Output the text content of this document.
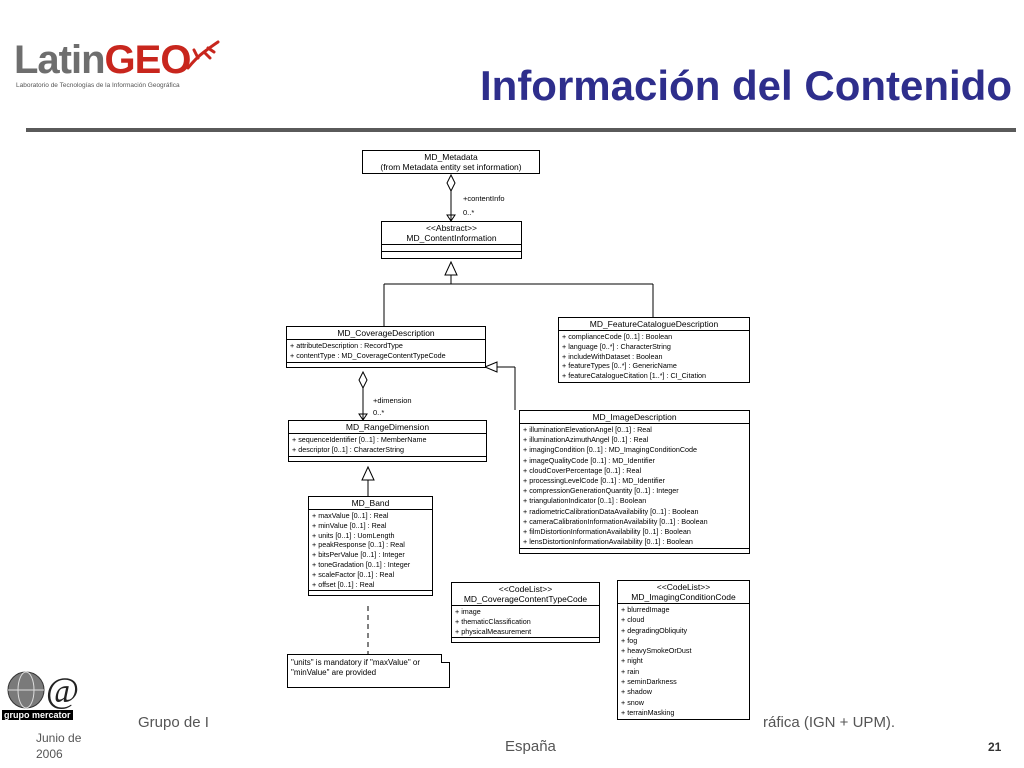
LatinGEO
Laboratorio de Tecnologías de la Información Geográfica	Información del Contenido
+contentInfo
0..*
+dimension
0..*
MD_Metadata
(from Metadata entity set information)
<<Abstract>>
MD_ContentInformation
MD_CoverageDescription
+ attributeDescription : RecordType
+ contentType : MD_CoverageContentTypeCode
MD_FeatureCatalogueDescription
+ complianceCode [0..1] : Boolean
+ language [0..*] : CharacterString
+ includeWithDataset : Boolean
+ featureTypes [0..*] : GenericName
+ featureCatalogueCitation [1..*] : CI_Citation
MD_RangeDimension
+ sequenceIdentifier [0..1] : MemberName
+ descriptor [0..1] : CharacterString
MD_ImageDescription
+ illuminationElevationAngel [0..1] : Real
+ illuminationAzimuthAngel [0..1] : Real
+ imagingCondition [0..1] : MD_ImagingConditionCode
+ imageQualityCode [0..1] : MD_Identifier
+ cloudCoverPercentage [0..1] : Real
+ processingLevelCode [0..1] : MD_Identifier
+ compressionGenerationQuantity [0..1] : Integer
+ triangulationIndicator [0..1] : Boolean
+ radiometricCalibrationDataAvailability [0..1] : Boolean
+ cameraCalibrationInformationAvailability [0..1] : Boolean
+ filmDistortionInformationAvailability [0..1] : Boolean
+ lensDistortionInformationAvailability [0..1] : Boolean
MD_Band
+ maxValue [0..1] : Real
+ minValue [0..1] : Real
+ units [0..1] : UomLength
+ peakResponse [0..1] : Real
+ bitsPerValue [0..1] : Integer
+ toneGradation [0..1] : Integer
+ scaleFactor [0..1] : Real
+ offset [0..1] : Real	<<CodeList>>
MD_CoverageContentTypeCode
+ image
+ thematicClassification
+ physicalMeasurement
<<CodeList>>
MD_ImagingConditionCode
+ blurredImage
+ cloud
+ degradingObliquity
+ fog
+ heavySmokeOrDust
+ night
+ rain
+ seminDarkness
+ shadow
+ snow
+ terrainMasking
"units" is mandatory if "maxValue" or "minValue" are provided
@
grupo mercator
Junio de 2006
Grupo de I	ráfica (IGN + UPM).
España	21
